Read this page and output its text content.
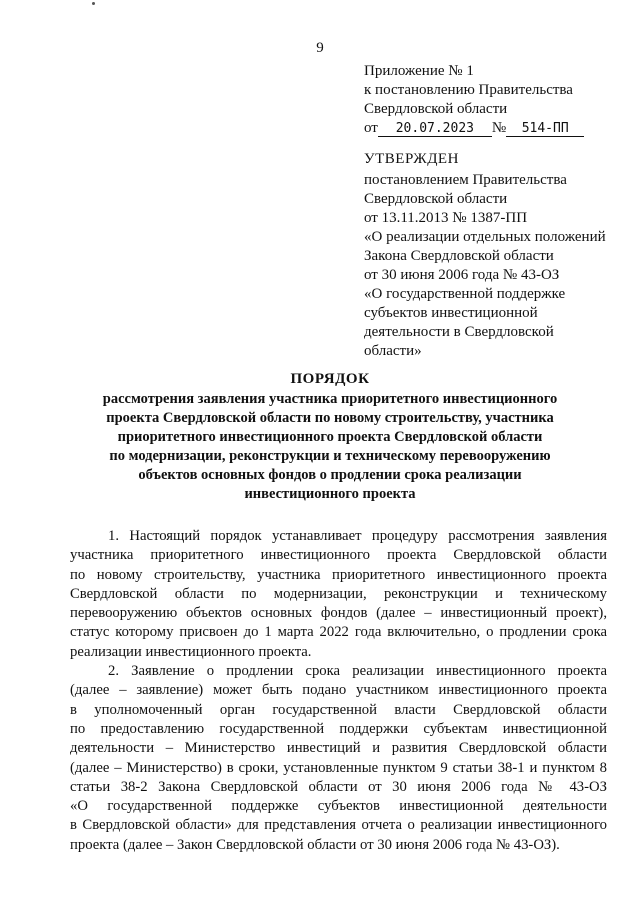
9
Приложение № 1
к постановлению Правительства
Свердловской области
от 20.07.2023 № 514-ПП
УТВЕРЖДЕН
постановлением Правительства
Свердловской области
от 13.11.2013 № 1387-ПП
«О реализации отдельных положений
Закона Свердловской области
от 30 июня 2006 года № 43-ОЗ
«О государственной поддержке
субъектов инвестиционной
деятельности в Свердловской
области»
ПОРЯДОК
рассмотрения заявления участника приоритетного инвестиционного
проекта Свердловской области по новому строительству, участника
приоритетного инвестиционного проекта Свердловской области
по модернизации, реконструкции и техническому перевооружению
объектов основных фондов о продлении срока реализации
инвестиционного проекта
1. Настоящий порядок устанавливает процедуру рассмотрения заявления
участника приоритетного инвестиционного проекта Свердловской области
по новому строительству, участника приоритетного инвестиционного проекта
Свердловской области по модернизации, реконструкции и техническому
перевооружению объектов основных фондов (далее – инвестиционный проект),
статус которому присвоен до 1 марта 2022 года включительно, о продлении срока
реализации инвестиционного проекта.
2. Заявление о продлении срока реализации инвестиционного проекта
(далее – заявление) может быть подано участником инвестиционного проекта
в уполномоченный орган государственной власти Свердловской области
по предоставлению государственной поддержки субъектам инвестиционной
деятельности – Министерство инвестиций и развития Свердловской области
(далее – Министерство) в сроки, установленные пунктом 9 статьи 38-1 и пунктом 8
статьи 38-2 Закона Свердловской области от 30 июня 2006 года № 43-ОЗ
«О государственной поддержке субъектов инвестиционной деятельности
в Свердловской области» для представления отчета о реализации инвестиционного
проекта (далее – Закон Свердловской области от 30 июня 2006 года № 43-ОЗ).
